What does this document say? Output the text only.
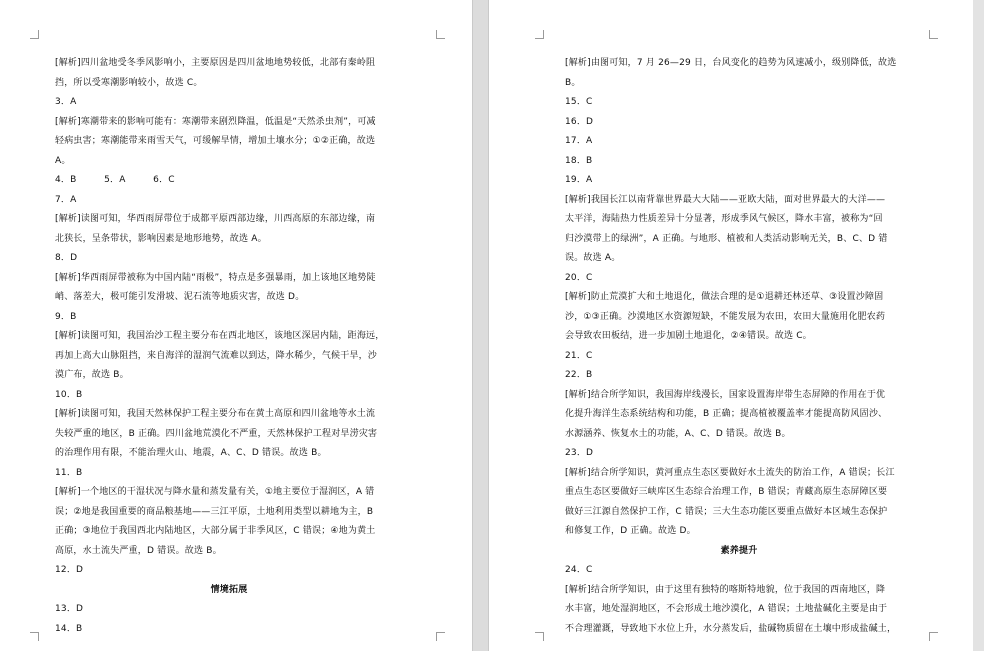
[解析]四川盆地受冬季风影响小，主要原因是四川盆地地势较低，北部有秦岭阻

挡，所以受寒潮影响较小，故选 C。

3．A

[解析]寒潮带来的影响可能有：寒潮带来剧烈降温，低温是“天然杀虫剂”，可减

轻病虫害；寒潮能带来雨雪天气，可缓解旱情，增加土壤水分；①②正确，故选

A。

4．B　　　5．A　　　6．C

7．A

[解析]读图可知，华西雨屏带位于成都平原西部边缘，川西高原的东部边缘，南

北狭长，呈条带状，影响因素是地形地势，故选 A。

8．D

[解析]华西雨屏带被称为中国内陆“雨极”，特点是多强暴雨，加上该地区地势陡

峭、落差大，极可能引发滑坡、泥石流等地质灾害，故选 D。

9．B

[解析]读图可知，我国治沙工程主要分布在西北地区，该地区深居内陆，距海远，

再加上高大山脉阻挡，来自海洋的湿润气流难以到达，降水稀少，气候干旱，沙

漠广布，故选 B。

10．B

[解析]读图可知，我国天然林保护工程主要分布在黄土高原和四川盆地等水土流

失较严重的地区，B 正确。四川盆地荒漠化不严重，天然林保护工程对旱涝灾害

的治理作用有限，不能治理火山、地震，A、C、D 错误。故选 B。

11．B

[解析]一个地区的干湿状况与降水量和蒸发量有关，①地主要位于湿润区，A 错

误；②地是我国重要的商品粮基地——三江平原，土地利用类型以耕地为主，B

正确；③地位于我国西北内陆地区，大部分属于非季风区，C 错误；④地为黄土

高原，水土流失严重，D 错误。故选 B。

12．D

情境拓展

13．D

14．B

[解析]由图可知，7 月 26—29 日，台风变化的趋势为风速减小，级别降低，故选

B。

15．C

16．D

17．A

18．B

19．A

[解析]我国长江以南背靠世界最大大陆——亚欧大陆，面对世界最大的大洋——

太平洋，海陆热力性质差异十分显著，形成季风气候区，降水丰富，被称为“回

归沙漠带上的绿洲”，A 正确。与地形、植被和人类活动影响无关，B、C、D 错

误。故选 A。

20．C

[解析]防止荒漠扩大和土地退化，做法合理的是①退耕还林还草、③设置沙障固

沙，①③正确。沙漠地区水资源短缺，不能发展为农田，农田大量施用化肥农药

会导致农田板结，进一步加剧土地退化，②④错误。故选 C。

21．C

22．B

[解析]结合所学知识，我国海岸线漫长，国家设置海岸带生态屏障的作用在于优

化提升海洋生态系统结构和功能，B 正确；提高植被覆盖率才能提高防风固沙、

水源涵养、恢复水土的功能，A、C、D 错误。故选 B。

23．D

[解析]结合所学知识，黄河重点生态区要做好水土流失的防治工作，A 错误；长江

重点生态区要做好三峡库区生态综合治理工作，B 错误；青藏高原生态屏障区要

做好三江源自然保护工作，C 错误；三大生态功能区要重点做好本区域生态保护

和修复工作，D 正确。故选 D。

素养提升

24．C

[解析]结合所学知识，由于这里有独特的喀斯特地貌，位于我国的西南地区，降

水丰富，地处湿润地区，不会形成土地沙漠化，A 错误；土地盐碱化主要是由于

不合理灌溉，导致地下水位上升，水分蒸发后，盐碱物质留在土壤中形成盐碱土，
